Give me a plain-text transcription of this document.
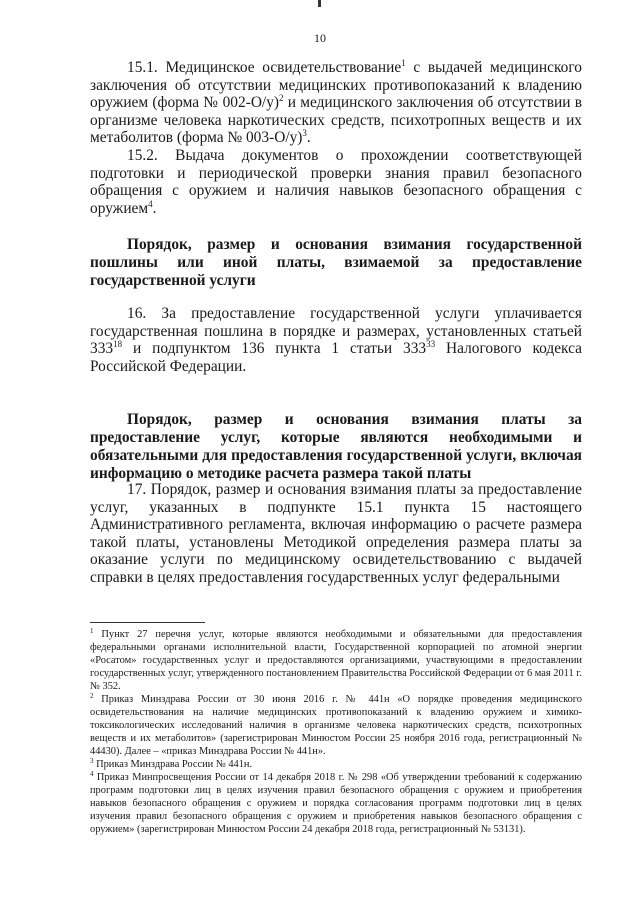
10

15.1. Медицинское освидетельствование$^1$ с выдачей медицинского заключения об отсутствии медицинских противопоказаний к владению оружием (форма № 002-О/у)$^2$ и медицинского заключения об отсутствии в организме человека наркотических средств, психотропных веществ и их метаболитов (форма № 003-О/у)$^3$.

15.2. Выдача документов о прохождении соответствующей подготовки и периодической проверки знания правил безопасного обращения с оружием и наличия навыков безопасного обращения с оружием$^4$.

Порядок, размер и основания взимания государственной пошлины или иной платы, взимаемой за предоставление государственной услуги

16. За предоставление государственной услуги уплачивается государственная пошлина в порядке и размерах, установленных статьей $333^{18}$ и подпунктом 136 пункта 1 статьи $333^{33}$ Налогового кодекса Российской Федерации.

Порядок, размер и основания взимания платы за предоставление услуг, которые являются необходимыми и обязательными для предоставления государственной услуги, включая информацию о методике расчета размера такой платы

17. Порядок, размер и основания взимания платы за предоставление услуг, указанных в подпункте 15.1 пункта 15 настоящего Административного регламента, включая информацию о расчете размера такой платы, установлены Методикой определения размера платы за оказание услуги по медицинскому освидетельствованию с выдачей справки в целях предоставления государственных услуг федеральными

$^1$ Пункт 27 перечня услуг, которые являются необходимыми и обязательными для предоставления федеральными органами исполнительной власти, Государственной корпорацией по атомной энергии «Росатом» государственных услуг и предоставляются организациями, участвующими в предоставлении государственных услуг, утвержденного постановлением Правительства Российской Федерации от 6 мая 2011 г. № 352.

$^2$ Приказ Минздрава России от 30 июня 2016 г. № 441н «О порядке проведения медицинского освидетельствования на наличие медицинских противопоказаний к владению оружием и химико-токсикологических исследований наличия в организме человека наркотических средств, психотропных веществ и их метаболитов» (зарегистрирован Минюстом России 25 ноября 2016 года, регистрационный № 44430). Далее – «приказ Минздрава России № 441н».

$^3$ Приказ Минздрава России № 441н.

$^4$ Приказ Минпросвещения России от 14 декабря 2018 г. № 298 «Об утверждении требований к содержанию программ подготовки лиц в целях изучения правил безопасного обращения с оружием и приобретения навыков безопасного обращения с оружием и порядка согласования программ подготовки лиц в целях изучения правил безопасного обращения с оружием и приобретения навыков безопасного обращения с оружием» (зарегистрирован Минюстом России 24 декабря 2018 года, регистрационный № 53131).
